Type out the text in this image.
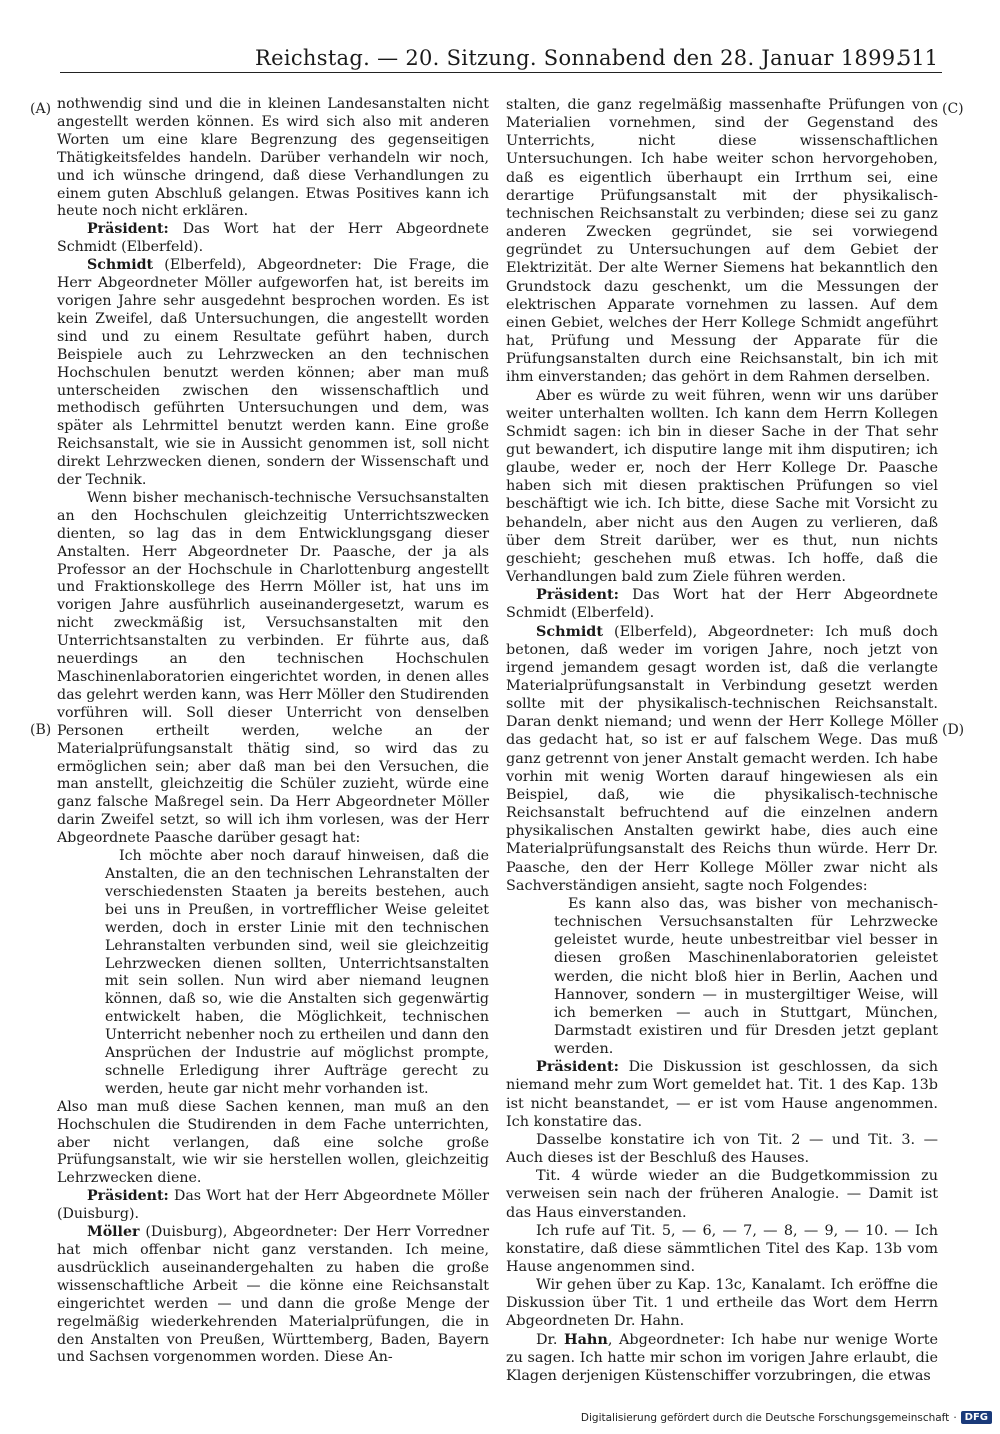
Reichstag. — 20. Sitzung. Sonnabend den 28. Januar 1899.
511
(A)
(B)
(C)
(D)

nothwendig sind und die in kleinen Landesanstalten nicht angestellt werden können. Es wird sich also mit anderen Worten um eine klare Begrenzung des gegenseitigen Thätigkeitsfeldes handeln. Darüber verhandeln wir noch, und ich wünsche dringend, daß diese Verhandlungen zu einem guten Abschluß gelangen. Etwas Positives kann ich heute noch nicht erklären.

Präsident: Das Wort hat der Herr Abgeordnete Schmidt (Elberfeld).

Schmidt (Elberfeld), Abgeordneter: Die Frage, die Herr Abgeordneter Möller aufgeworfen hat, ist bereits im vorigen Jahre sehr ausgedehnt besprochen worden. Es ist kein Zweifel, daß Untersuchungen, die angestellt worden sind und zu einem Resultate geführt haben, durch Beispiele auch zu Lehrzwecken an den technischen Hochschulen benutzt werden können; aber man muß unterscheiden zwischen den wissenschaftlich und methodisch geführten Untersuchungen und dem, was später als Lehrmittel benutzt werden kann. Eine große Reichsanstalt, wie sie in Aussicht genommen ist, soll nicht direkt Lehrzwecken dienen, sondern der Wissenschaft und der Technik.

Wenn bisher mechanisch-technische Versuchsanstalten an den Hochschulen gleichzeitig Unterrichtszwecken dienten, so lag das in dem Entwicklungsgang dieser Anstalten. Herr Abgeordneter Dr. Paasche, der ja als Professor an der Hochschule in Charlottenburg angestellt und Fraktionskollege des Herrn Möller ist, hat uns im vorigen Jahre ausführlich auseinandergesetzt, warum es nicht zweckmäßig ist, Versuchsanstalten mit den Unterrichtsanstalten zu verbinden. Er führte aus, daß neuerdings an den technischen Hochschulen Maschinenlaboratorien eingerichtet worden, in denen alles das gelehrt werden kann, was Herr Möller den Studirenden vorführen will. Soll dieser Unterricht von denselben Personen ertheilt werden, welche an der Materialprüfungsanstalt thätig sind, so wird das zu ermöglichen sein; aber daß man bei den Versuchen, die man anstellt, gleichzeitig die Schüler zuzieht, würde eine ganz falsche Maßregel sein. Da Herr Abgeordneter Möller darin Zweifel setzt, so will ich ihm vorlesen, was der Herr Abgeordnete Paasche darüber gesagt hat:

Ich möchte aber noch darauf hinweisen, daß die Anstalten, die an den technischen Lehranstalten der verschiedensten Staaten ja bereits bestehen, auch bei uns in Preußen, in vortrefflicher Weise geleitet werden, doch in erster Linie mit den technischen Lehranstalten verbunden sind, weil sie gleichzeitig Lehrzwecken dienen sollten, Unterrichtsanstalten mit sein sollen. Nun wird aber niemand leugnen können, daß so, wie die Anstalten sich gegenwärtig entwickelt haben, die Möglichkeit, technischen Unterricht nebenher noch zu ertheilen und dann den Ansprüchen der Industrie auf möglichst prompte, schnelle Erledigung ihrer Aufträge gerecht zu werden, heute gar nicht mehr vorhanden ist.

Also man muß diese Sachen kennen, man muß an den Hochschulen die Studirenden in dem Fache unterrichten, aber nicht verlangen, daß eine solche große Prüfungsanstalt, wie wir sie herstellen wollen, gleichzeitig Lehrzwecken diene.

Präsident: Das Wort hat der Herr Abgeordnete Möller (Duisburg).

Möller (Duisburg), Abgeordneter: Der Herr Vorredner hat mich offenbar nicht ganz verstanden. Ich meine, ausdrücklich auseinandergehalten zu haben die große wissenschaftliche Arbeit — die könne eine Reichsanstalt eingerichtet werden — und dann die große Menge der regelmäßig wiederkehrenden Materialprüfungen, die in den Anstalten von Preußen, Württemberg, Baden, Bayern und Sachsen vorgenommen worden. Diese An-

stalten, die ganz regelmäßig massenhafte Prüfungen von Materialien vornehmen, sind der Gegenstand des Unterrichts, nicht diese wissenschaftlichen Untersuchungen. Ich habe weiter schon hervorgehoben, daß es eigentlich überhaupt ein Irrthum sei, eine derartige Prüfungsanstalt mit der physikalisch-technischen Reichsanstalt zu verbinden; diese sei zu ganz anderen Zwecken gegründet, sie sei vorwiegend gegründet zu Untersuchungen auf dem Gebiet der Elektrizität. Der alte Werner Siemens hat bekanntlich den Grundstock dazu geschenkt, um die Messungen der elektrischen Apparate vornehmen zu lassen. Auf dem einen Gebiet, welches der Herr Kollege Schmidt angeführt hat, Prüfung und Messung der Apparate für die Prüfungsanstalten durch eine Reichsanstalt, bin ich mit ihm einverstanden; das gehört in dem Rahmen derselben.

Aber es würde zu weit führen, wenn wir uns darüber weiter unterhalten wollten. Ich kann dem Herrn Kollegen Schmidt sagen: ich bin in dieser Sache in der That sehr gut bewandert, ich disputire lange mit ihm disputiren; ich glaube, weder er, noch der Herr Kollege Dr. Paasche haben sich mit diesen praktischen Prüfungen so viel beschäftigt wie ich. Ich bitte, diese Sache mit Vorsicht zu behandeln, aber nicht aus den Augen zu verlieren, daß über dem Streit darüber, wer es thut, nun nichts geschieht; geschehen muß etwas. Ich hoffe, daß die Verhandlungen bald zum Ziele führen werden.

Präsident: Das Wort hat der Herr Abgeordnete Schmidt (Elberfeld).

Schmidt (Elberfeld), Abgeordneter: Ich muß doch betonen, daß weder im vorigen Jahre, noch jetzt von irgend jemandem gesagt worden ist, daß die verlangte Materialprüfungsanstalt in Verbindung gesetzt werden sollte mit der physikalisch-technischen Reichsanstalt. Daran denkt niemand; und wenn der Herr Kollege Möller das gedacht hat, so ist er auf falschem Wege. Das muß ganz getrennt von jener Anstalt gemacht werden. Ich habe vorhin mit wenig Worten darauf hingewiesen als ein Beispiel, daß, wie die physikalisch-technische Reichsanstalt befruchtend auf die einzelnen andern physikalischen Anstalten gewirkt habe, dies auch eine Materialprüfungsanstalt des Reichs thun würde. Herr Dr. Paasche, den der Herr Kollege Möller zwar nicht als Sachverständigen ansieht, sagte noch Folgendes:

Es kann also das, was bisher von mechanisch-technischen Versuchsanstalten für Lehrzwecke geleistet wurde, heute unbestreitbar viel besser in diesen großen Maschinenlaboratorien geleistet werden, die nicht bloß hier in Berlin, Aachen und Hannover, sondern — in mustergiltiger Weise, will ich bemerken — auch in Stuttgart, München, Darmstadt existiren und für Dresden jetzt geplant werden.

Präsident: Die Diskussion ist geschlossen, da sich niemand mehr zum Wort gemeldet hat. Tit. 1 des Kap. 13b ist nicht beanstandet, — er ist vom Hause angenommen. Ich konstatire das.

Dasselbe konstatire ich von Tit. 2 — und Tit. 3. — Auch dieses ist der Beschluß des Hauses.

Tit. 4 würde wieder an die Budgetkommission zu verweisen sein nach der früheren Analogie. — Damit ist das Haus einverstanden.

Ich rufe auf Tit. 5, — 6, — 7, — 8, — 9, — 10. — Ich konstatire, daß diese sämmtlichen Titel des Kap. 13b vom Hause angenommen sind.

Wir gehen über zu Kap. 13c, Kanalamt. Ich eröffne die Diskussion über Tit. 1 und ertheile das Wort dem Herrn Abgeordneten Dr. Hahn.

Dr. Hahn, Abgeordneter: Ich habe nur wenige Worte zu sagen. Ich hatte mir schon im vorigen Jahre erlaubt, die Klagen derjenigen Küstenschiffer vorzubringen, die etwas

Digitalisierung gefördert durch die Deutsche Forschungsgemeinschaft · DFG
